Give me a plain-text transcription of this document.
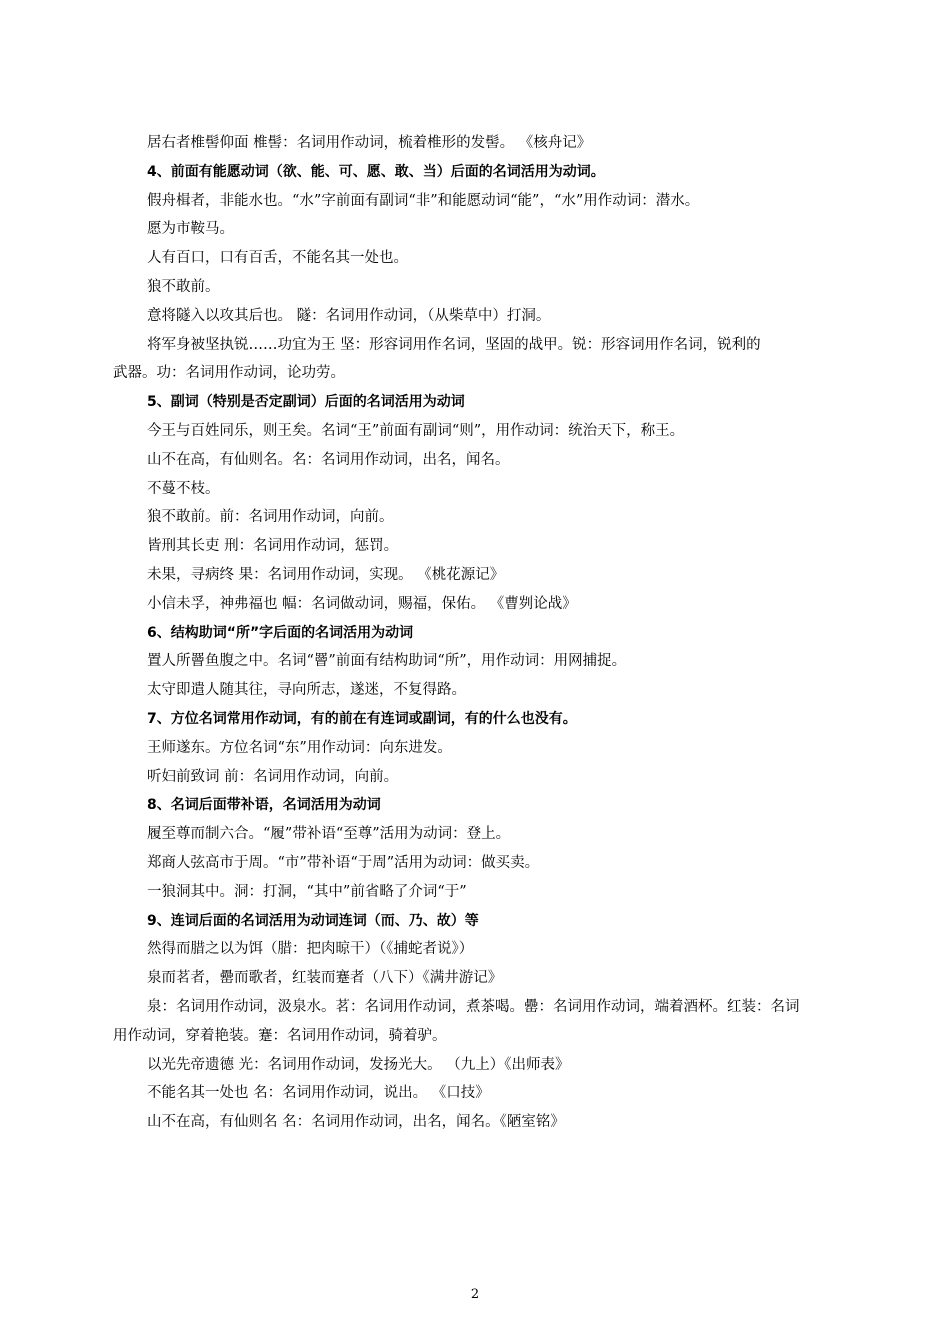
居右者椎髻仰面 椎髻：名词用作动词，梳着椎形的发髻。 《核舟记》
4、前面有能愿动词（欲、能、可、愿、敢、当）后面的名词活用为动词。
假舟楫者，非能水也。“水”字前面有副词“非”和能愿动词“能”，“水”用作动词：潜水。
愿为市鞍马。
人有百口，口有百舌，不能名其一处也。
狼不敢前。
意将隧入以攻其后也。 隧：名词用作动词，（从柴草中）打洞。
将军身被坚执锐……功宜为王 坚：形容词用作名词，坚固的战甲。锐：形容词用作名词，锐利的
武器。功：名词用作动词，论功劳。
5、副词（特别是否定副词）后面的名词活用为动词
今王与百姓同乐，则王矣。名词“王”前面有副词“则”，用作动词：统治天下，称王。
山不在高，有仙则名。名：名词用作动词，出名，闻名。
不蔓不枝。
狼不敢前。前：名词用作动词，向前。
皆刑其长吏 刑：名词用作动词，惩罚。
未果，寻病终 果：名词用作动词，实现。 《桃花源记》
小信未孚，神弗福也 幅：名词做动词，赐福，保佑。 《曹刿论战》
6、结构助词“所”字后面的名词活用为动词
置人所罾鱼腹之中。名词“罾”前面有结构助词“所”，用作动词：用网捕捉。
太守即遣人随其往，寻向所志，遂迷，不复得路。
7、方位名词常用作动词，有的前在有连词或副词，有的什么也没有。
王师遂东。方位名词“东”用作动词：向东进发。
听妇前致词 前：名词用作动词，向前。
8、名词后面带补语，名词活用为动词
履至尊而制六合。“履”带补语“至尊”活用为动词：登上。
郑商人弦高市于周。“市”带补语“于周”活用为动词：做买卖。
一狼洞其中。洞：打洞，“其中”前省略了介词“于”
9、连词后面的名词活用为动词连词（而、乃、故）等
然得而腊之以为饵（腊：把肉晾干）（《捕蛇者说》）
泉而茗者，罍而歌者，红装而蹇者（八下）《满井游记》
泉：名词用作动词，汲泉水。茗：名词用作动词，煮茶喝。罍：名词用作动词，端着酒杯。红装：名词
用作动词，穿着艳装。蹇：名词用作动词，骑着驴。
以光先帝遗德 光：名词用作动词，发扬光大。 （九上）《出师表》
不能名其一处也 名：名词用作动词，说出。 《口技》
山不在高，有仙则名 名：名词用作动词，出名，闻名。《陋室铭》
2
